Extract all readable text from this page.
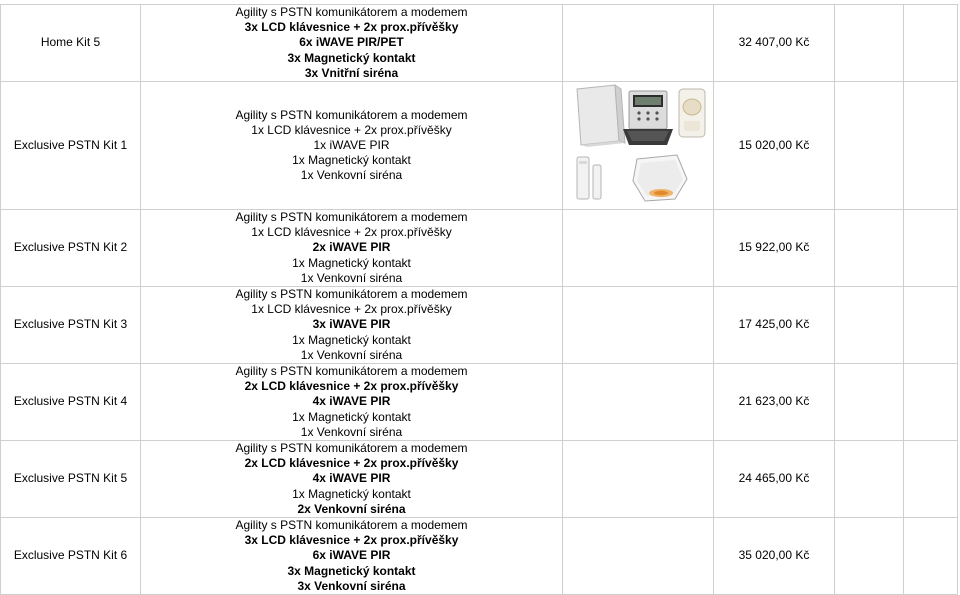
Home Kit 5	Agility s PSTN komunikátorem a modemem
3x LCD klávesnice + 2x prox.přívěšky
6x iWAVE PIR/PET
3x Magnetický kontakt
3x Vnitřní siréna		32 407,00 Kč		
Exclusive PSTN Kit 1	Agility s PSTN komunikátorem a modemem
1x LCD klávesnice + 2x prox.přívěšky
1x iWAVE PIR
1x Magnetický kontakt
1x Venkovní siréna		15 020,00 Kč		
Exclusive PSTN Kit 2	Agility s PSTN komunikátorem a modemem
1x LCD klávesnice + 2x prox.přívěšky
2x iWAVE PIR
1x Magnetický kontakt
1x Venkovní siréna		15 922,00 Kč		
Exclusive PSTN Kit 3	Agility s PSTN komunikátorem a modemem
1x LCD klávesnice + 2x prox.přívěšky
3x iWAVE PIR
1x Magnetický kontakt
1x Venkovní siréna		17 425,00 Kč		
Exclusive PSTN Kit 4	Agility s PSTN komunikátorem a modemem
2x LCD klávesnice + 2x prox.přívěšky
4x iWAVE PIR
1x Magnetický kontakt
1x Venkovní siréna		21 623,00 Kč		
Exclusive PSTN Kit 5	Agility s PSTN komunikátorem a modemem
2x LCD klávesnice + 2x prox.přívěšky
4x iWAVE PIR
1x Magnetický kontakt
2x Venkovní siréna		24 465,00 Kč		
Exclusive PSTN Kit 6	Agility s PSTN komunikátorem a modemem
3x LCD klávesnice + 2x prox.přívěšky
6x iWAVE PIR
3x Magnetický kontakt
3x Venkovní siréna		35 020,00 Kč		
